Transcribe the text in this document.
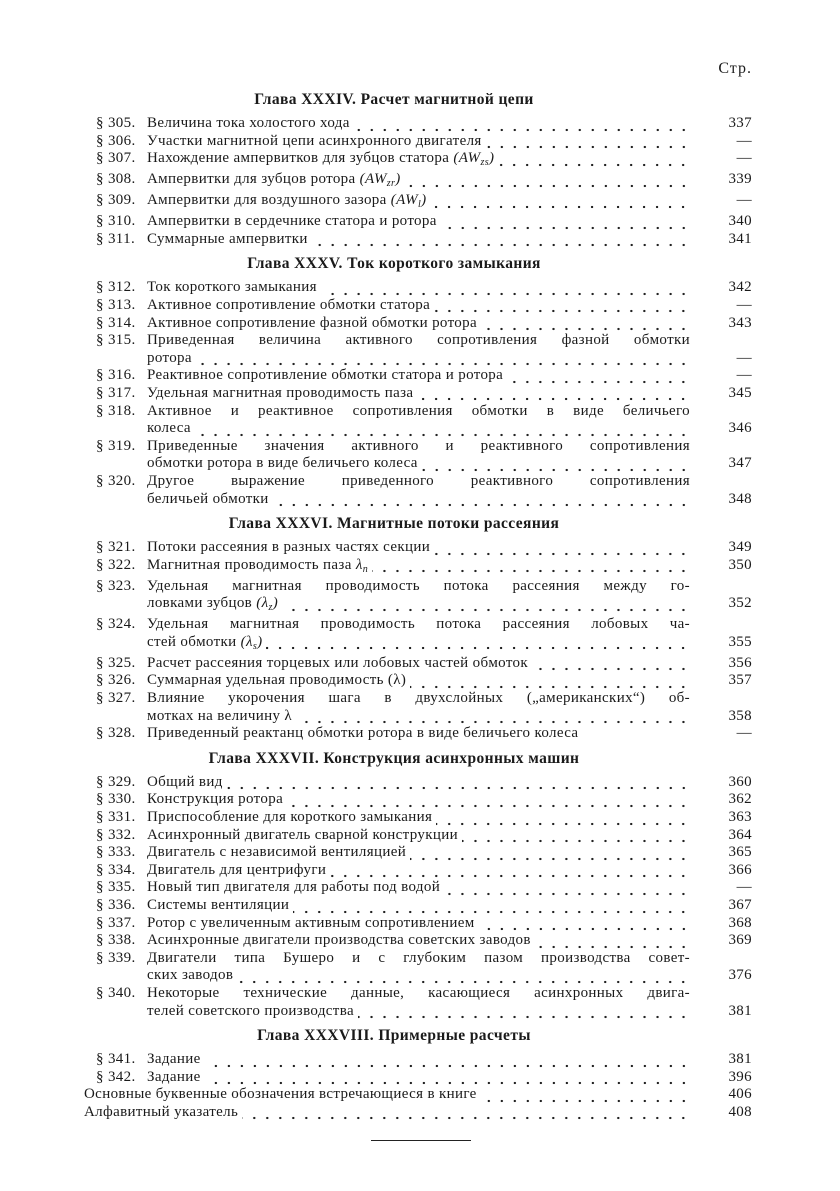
Стр.
Глава XXXIV. Расчет магнитной цепи
§ 305. Величина тока холостого хода	337
§ 306. Участки магнитной цепи асинхронного двигателя	—
§ 307. Нахождение ампервитков для зубцов статора $(AW_{zs})$	—
§ 308. Ампервитки для зубцов ротора $(AW_{zr})$	339
§ 309. Ампервитки для воздушного зазора $(AW_l)$	—
§ 310. Ампервитки в сердечнике статора и ротора	340
§ 311. Суммарные ампервитки	341
Глава XXXV. Ток короткого замыкания
§ 312. Ток короткого замыкания	342
§ 313. Активное сопротивление обмотки статора	—
§ 314. Активное сопротивление фазной обмотки ротора	343
§ 315. Приведенная величина активного сопротивления фазной обмотки
ротора	—
§ 316. Реактивное сопротивление обмотки статора и ротора	—
§ 317. Удельная магнитная проводимость паза	345
§ 318. Активное и реактивное сопротивления обмотки в виде беличьего
колеса	346
§ 319. Приведенные значения активного и реактивного сопротивления
обмотки ротора в виде беличьего колеса	347
§ 320. Другое выражение приведенного реактивного сопротивления
беличьей обмотки	348
Глава XXXVI. Магнитные потоки рассеяния
§ 321. Потоки рассеяния в разных частях секции	349
§ 322. Магнитная проводимость паза $\lambda_n$	350
§ 323. Удельная магнитная проводимость потока рассеяния между го-
ловками зубцов $(\lambda_z)$	352
§ 324. Удельная магнитная проводимость потока рассеяния лобовых ча-
стей обмотки $(\lambda_s)$	355
§ 325. Расчет рассеяния торцевых или лобовых частей обмоток	356
§ 326. Суммарная удельная проводимость (λ)	357
§ 327. Влияние укорочения шага в двухслойных („американских“) об-
мотках на величину λ	358
§ 328. Приведенный реактанц обмотки ротора в виде беличьего колеса	—
Глава XXXVII. Конструкция асинхронных машин
§ 329. Общий вид	360
§ 330. Конструкция ротора	362
§ 331. Приспособление для короткого замыкания	363
§ 332. Асинхронный двигатель сварной конструкции	364
§ 333. Двигатель с независимой вентиляцией	365
§ 334. Двигатель для центрифуги	366
§ 335. Новый тип двигателя для работы под водой	—
§ 336. Системы вентиляции	367
§ 337. Ротор с увеличенным активным сопротивлением	368
§ 338. Асинхронные двигатели производства советских заводов	369
§ 339. Двигатели типа Бушеро и с глубоким пазом производства совет-
ских заводов	376
§ 340. Некоторые технические данные, касающиеся асинхронных двига-
телей советского производства	381
Глава XXXVIII. Примерные расчеты
§ 341. Задание	381
§ 342. Задание	396
Основные буквенные обозначения встречающиеся в книге	406
Алфавитный указатель	408
